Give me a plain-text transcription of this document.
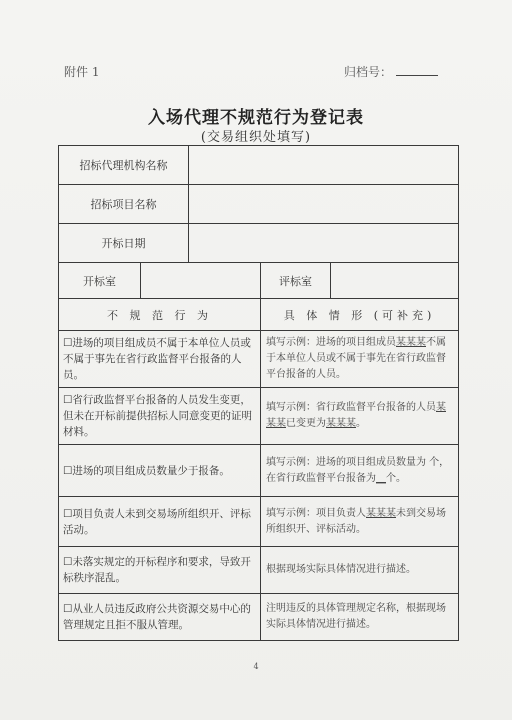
附件 1	归档号：
入场代理不规范行为登记表
(交易组织处填写)
招标代理机构名称				
招标项目名称				
开标日期				
开标室			评标室	
不 规 范 行 为			具 体 情 形 (可补充)	
☐进场的项目组成员不属于本单位人员或不属于事先在省行政监督平台报备的人员。			填写示例：进场的项目组成员某某某不属于本单位人员或不属于事先在省行政监督平台报备的人员。	
☐省行政监督平台报备的人员发生变更，但未在开标前提供招标人同意变更的证明材料。			填写示例：省行政监督平台报备的人员某某某已变更为某某某。	
☐进场的项目组成员数量少于报备。			填写示例：进场的项目组成员数量为 个，在省行政监督平台报备为__个。	
☐项目负责人未到交易场所组织开、评标活动。			填写示例：项目负责人某某某未到交易场所组织开、评标活动。	
☐未落实规定的开标程序和要求，导致开标秩序混乱。			根据现场实际具体情况进行描述。	
☐从业人员违反政府公共资源交易中心的管理规定且拒不服从管理。			注明违反的具体管理规定名称，根据现场实际具体情况进行描述。	
4
